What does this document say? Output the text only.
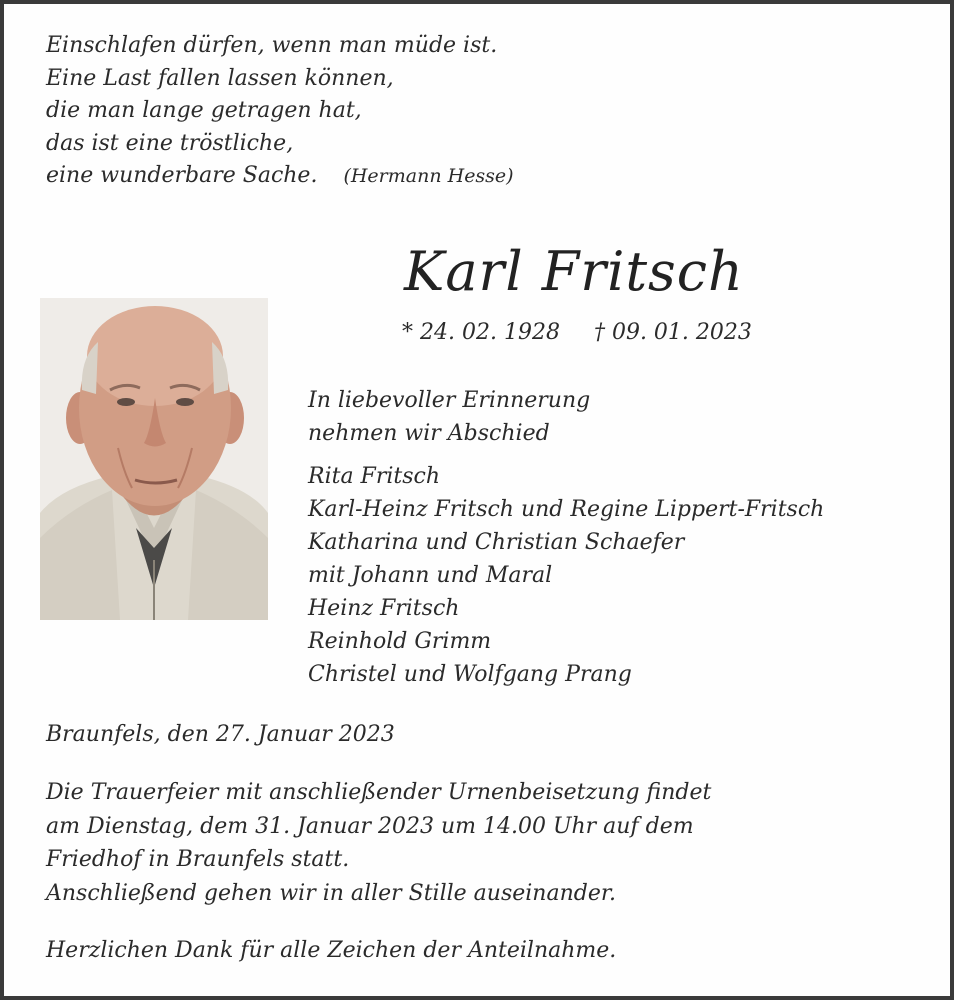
Einschlafen dürfen, wenn man müde ist.
Eine Last fallen lassen können,
die man lange getragen hat,
das ist eine tröstliche,
eine wunderbare Sache. (Hermann Hesse)
Karl Fritsch
* 24. 02. 1928 † 09. 01. 2023
In liebevoller Erinnerung
nehmen wir Abschied
Rita Fritsch
Karl-Heinz Fritsch und Regine Lippert-Fritsch
Katharina und Christian Schaefer
mit Johann und Maral
Heinz Fritsch
Reinhold Grimm
Christel und Wolfgang Prang
Braunfels, den 27. Januar 2023
Die Trauerfeier mit anschließender Urnenbeisetzung findet
am Dienstag, dem 31. Januar 2023 um 14.00 Uhr auf dem
Friedhof in Braunfels statt.
Anschließend gehen wir in aller Stille auseinander.
Herzlichen Dank für alle Zeichen der Anteilnahme.
